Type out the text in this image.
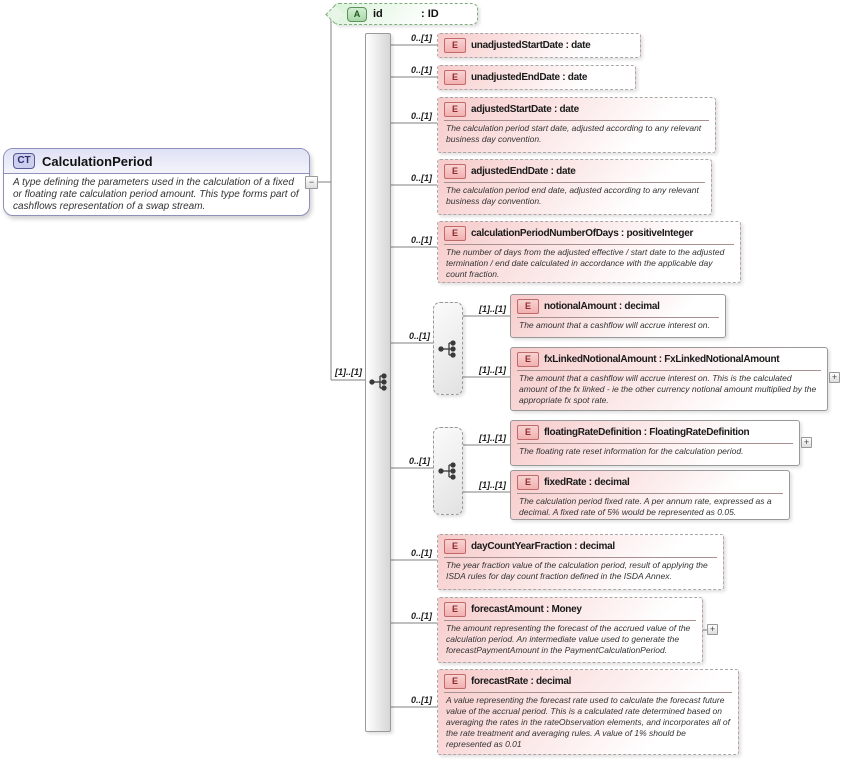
CT CalculationPeriod
A type defining the parameters used in the calculation of a fixed or floating rate calculation period amount. This type forms part of cashflows representation of a swap stream.
−
A	id	: ID
[1]..[1]
0..[1]
0..[1]
0..[1]
0..[1]
0..[1]
0..[1]
0..[1]
0..[1]
0..[1]
0..[1]
[1]..[1]
[1]..[1]
[1]..[1]
[1]..[1]
E	unadjustedStartDate : date
E	unadjustedEndDate : date
E	adjustedStartDate : date
The calculation period start date, adjusted according to any relevant business day convention.
E	adjustedEndDate : date
The calculation period end date, adjusted according to any relevant business day convention.
E	calculationPeriodNumberOfDays : positiveInteger
The number of days from the adjusted effective / start date to the adjusted termination / end date calculated in accordance with the applicable day count fraction.
E	notionalAmount : decimal
The amount that a cashflow will accrue interest on.
E	fxLinkedNotionalAmount : FxLinkedNotionalAmount
The amount that a cashflow will accrue interest on. This is the calculated amount of the fx linked - ie the other currency notional amount multiplied by the appropriate fx spot rate.
+
E	floatingRateDefinition : FloatingRateDefinition
The floating rate reset information for the calculation period.
+
E	fixedRate : decimal
The calculation period fixed rate. A per annum rate, expressed as a decimal. A fixed rate of 5% would be represented as 0.05.
E	dayCountYearFraction : decimal
The year fraction value of the calculation period, result of applying the ISDA rules for day count fraction defined in the ISDA Annex.
E	forecastAmount : Money
The amount representing the forecast of the accrued value of the calculation period. An intermediate value used to generate the forecastPaymentAmount in the PaymentCalculationPeriod.
+
E	forecastRate : decimal
A value representing the forecast rate used to calculate the forecast future value of the accrual period. This is a calculated rate determined based on averaging the rates in the rateObservation elements, and incorporates all of the rate treatment and averaging rules. A value of 1% should be represented as 0.01
